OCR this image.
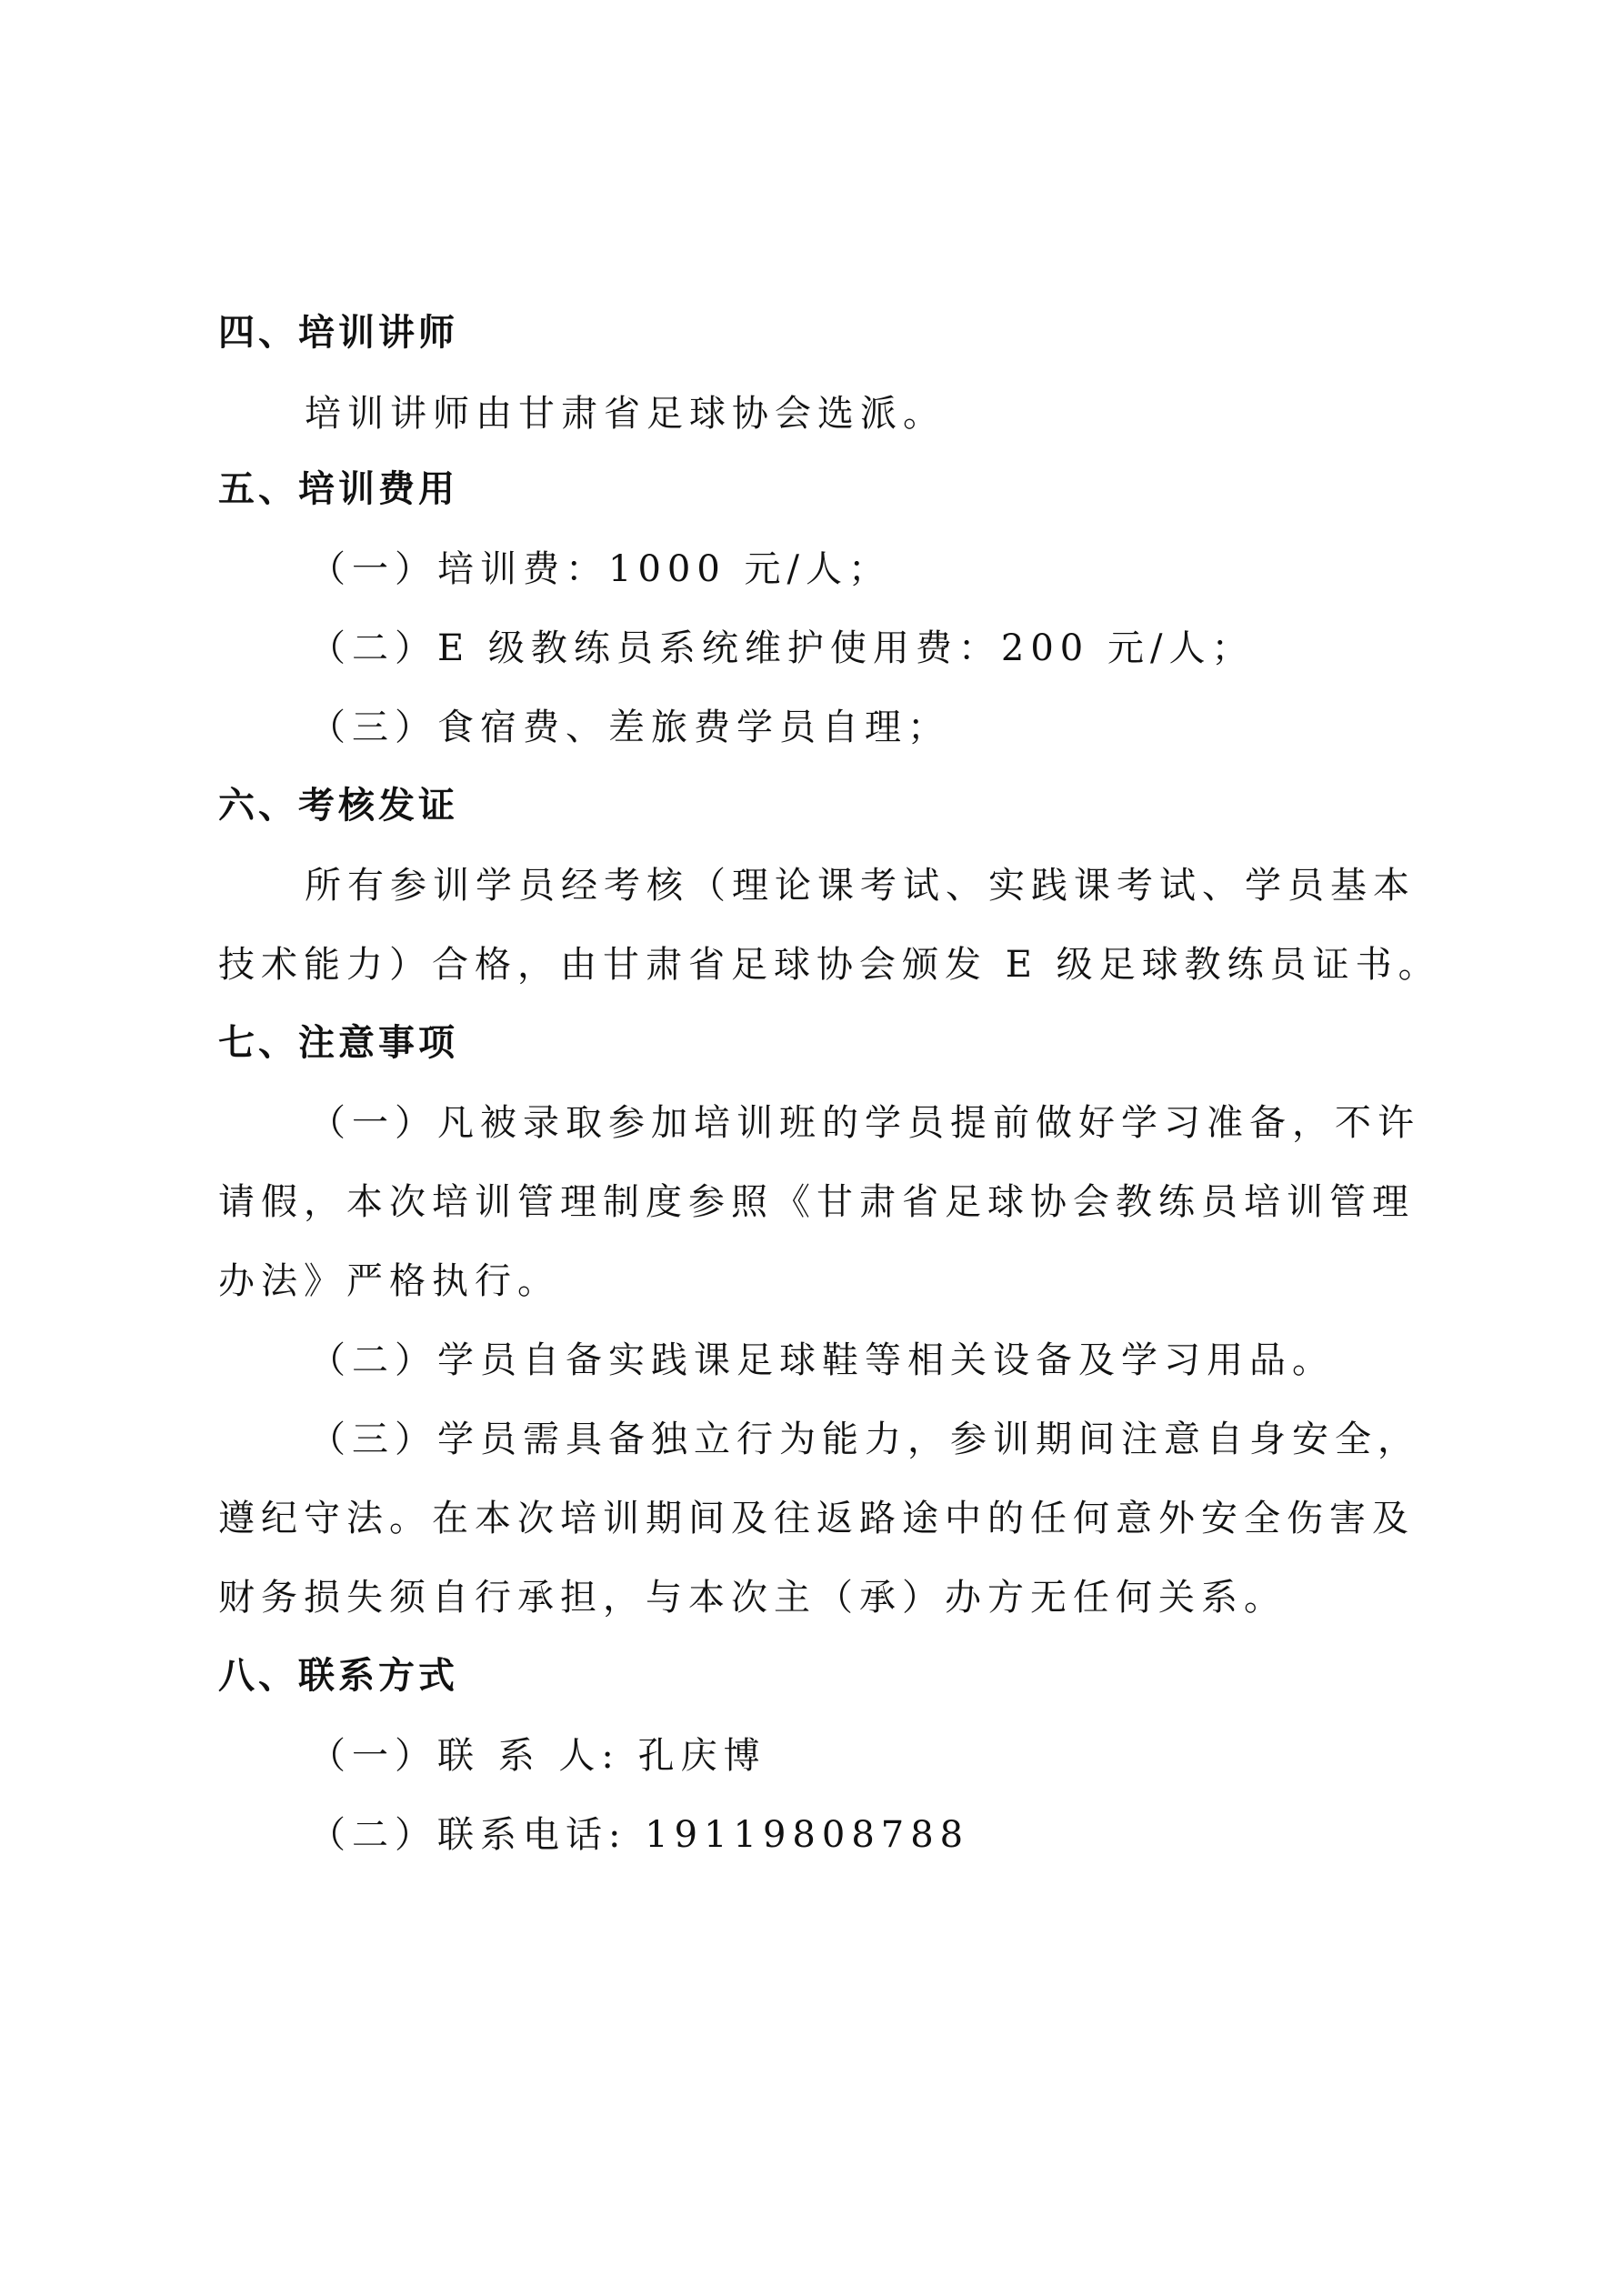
四、培训讲师
培训讲师由甘肃省足球协会选派。
五、培训费用
（一）培训费：1000 元/人；
（二）E 级教练员系统维护使用费：200 元/人；
（三）食宿费、差旅费学员自理；
六、考核发证
所有参训学员经考核（理论课考试、实践课考试、学员基本
技术能力）合格，由甘肃省足球协会颁发 E 级足球教练员证书。
七、注意事项
（一）凡被录取参加培训班的学员提前做好学习准备，不许
请假，本次培训管理制度参照《甘肃省足球协会教练员培训管理
办法》严格执行。
（二）学员自备实践课足球鞋等相关设备及学习用品。
（三）学员需具备独立行为能力，参训期间注意自身安全，
遵纪守法。在本次培训期间及往返路途中的任何意外安全伤害及
财务损失须自行承担，与本次主（承）办方无任何关系。
八、联系方式
（一）联 系 人: 孔庆博
（二）联系电话: 19119808788
